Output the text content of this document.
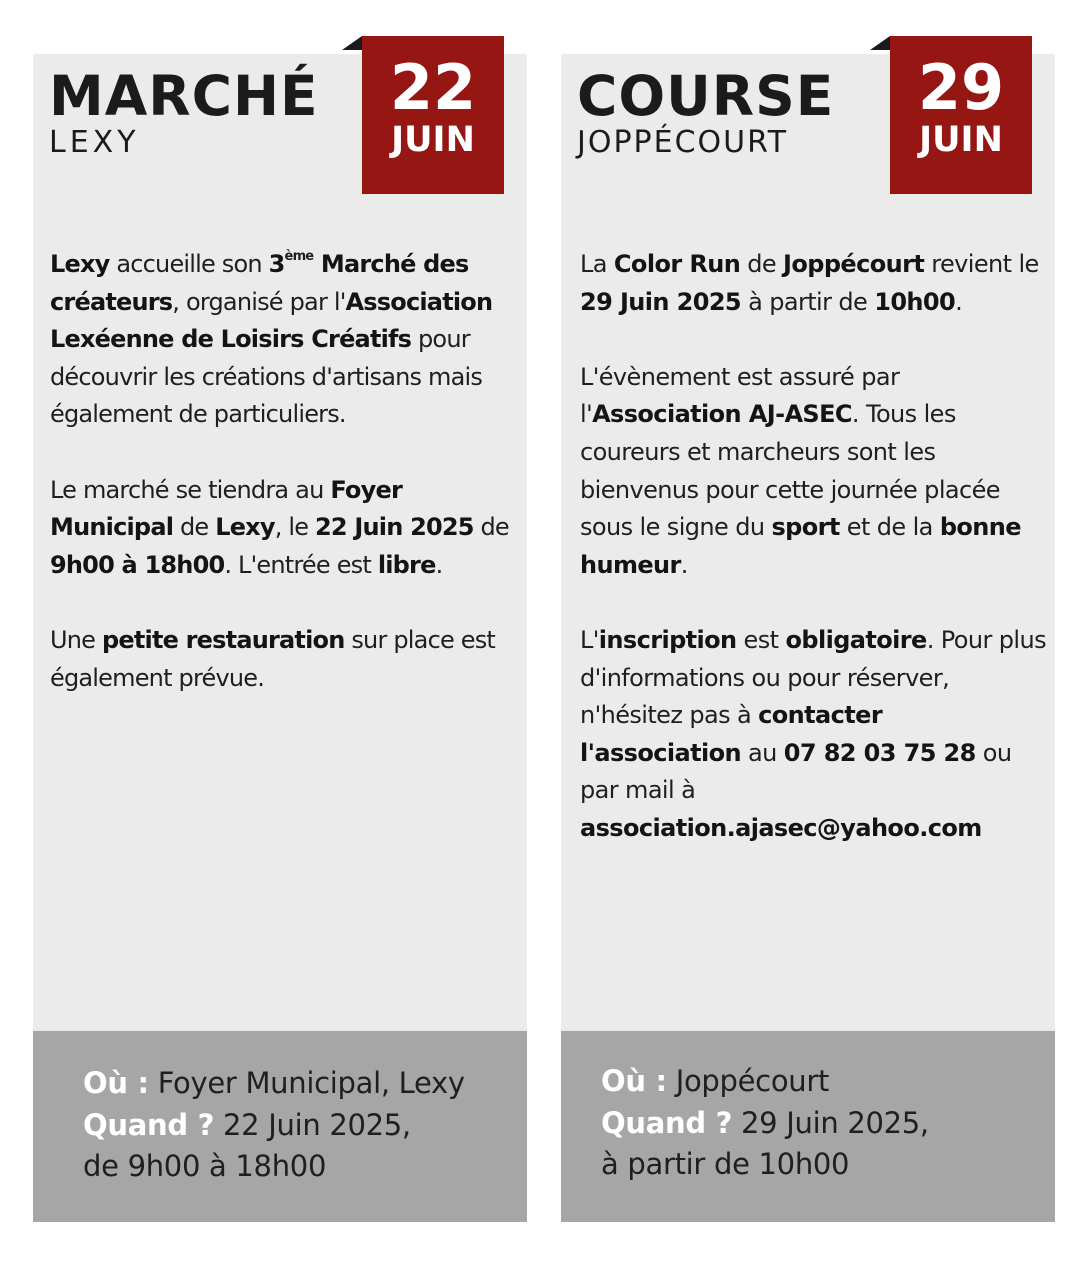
MARCHÉ
LEXY
22
JUIN

Lexy accueille son 3ème Marché des créateurs, organisé par l'Association Lexéenne de Loisirs Créatifs pour découvrir les créations d'artisans mais également de particuliers.

Le marché se tiendra au Foyer Municipal de Lexy, le 22 Juin 2025 de 9h00 à 18h00. L'entrée est libre.

Une petite restauration sur place est également prévue.

Où : Foyer Municipal, Lexy
Quand ? 22 Juin 2025,
de 9h00 à 18h00
COURSE
JOPPÉCOURT
29
JUIN

La Color Run de Joppécourt revient le 29 Juin 2025 à partir de 10h00.

L'évènement est assuré par l'Association AJ-ASEC. Tous les coureurs et marcheurs sont les bienvenus pour cette journée placée sous le signe du sport et de la bonne humeur.

L'inscription est obligatoire. Pour plus d'informations ou pour réserver, n'hésitez pas à contacter l'association au 07 82 03 75 28 ou par mail à association.ajasec@yahoo.com

Où : Joppécourt
Quand ? 29 Juin 2025,
à partir de 10h00
